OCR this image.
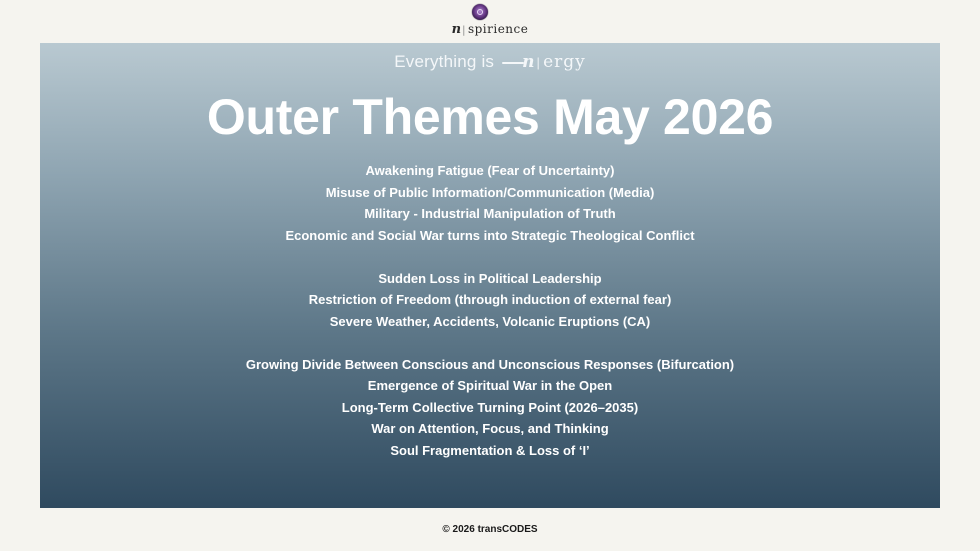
n | spirience
Everything is n | ergy
Outer Themes May 2026
Awakening Fatigue (Fear of Uncertainty)
Misuse of Public Information/Communication (Media)
Military - Industrial Manipulation of Truth
Economic and Social War turns into Strategic Theological Conflict
Sudden Loss in Political Leadership
Restriction of Freedom (through induction of external fear)
Severe Weather, Accidents, Volcanic Eruptions (CA)
Growing Divide Between Conscious and Unconscious Responses (Bifurcation)
Emergence of Spiritual War in the Open
Long-Term Collective Turning Point (2026–2035)
War on Attention, Focus, and Thinking
Soul Fragmentation & Loss of ‘I’
© 2026 transCODES
